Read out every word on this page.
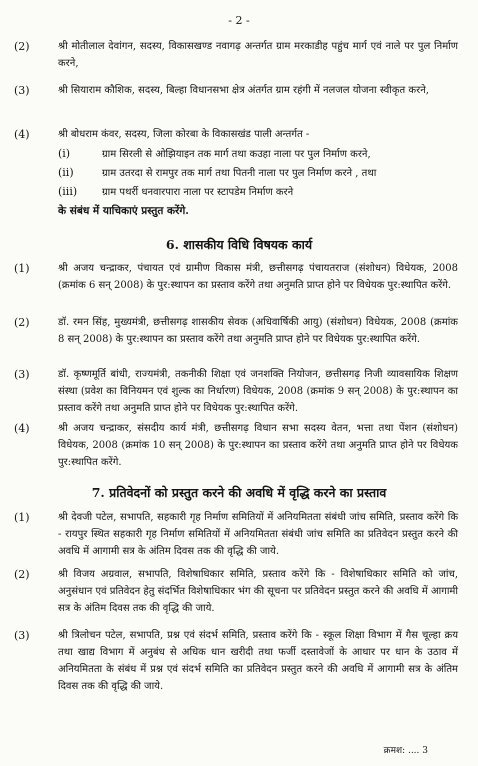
- 2 -
(2)	श्री मोतीलाल देवांगन, सदस्य, विकासखण्ड नवागढ़ अन्तर्गत ग्राम मरकाडीह पहुंच मार्ग एवं नाले पर पुल निर्माण करने,
(3)	श्री सियाराम कौशिक, सदस्य, बिल्हा विधानसभा क्षेत्र अंतर्गत ग्राम रहंगी में नलजल योजना स्वीकृत करने,
(4)	श्री बोधराम कंवर, सदस्य, जिला कोरबा के विकासखंड पाली अन्तर्गत -
(i)	ग्राम सिरली से ओझियाइन तक मार्ग तथा कउहा नाला पर पुल निर्माण करने,
(ii)	ग्राम उतरदा से रामपुर तक मार्ग तथा पितनी नाला पर पुल निर्माण करने , तथा
(iii) ग्राम पथर्री धनवारपारा नाला पर स्टापडेम निर्माण करने
के संबंध में याचिकाएं प्रस्तुत करेंगे.
6. शासकीय विधि विषयक कार्य
(1)	श्री अजय चन्द्राकर, पंचायत एवं ग्रामीण विकास मंत्री, छत्तीसगढ़ पंचायतराज (संशोधन) विधेयक, 2008 (क्रमांक 6 सन् 2008) के पुर:स्थापन का प्रस्ताव करेंगे तथा अनुमति प्राप्त होने पर विधेयक पुर:स्थापित करेंगे.
(2)	डॉ. रमन सिंह, मुख्यमंत्री, छत्तीसगढ़ शासकीय सेवक (अधिवार्षिकी आयु) (संशोधन) विधेयक, 2008 (क्रमांक 8 सन् 2008) के पुर:स्थापन का प्रस्ताव करेंगे तथा अनुमति प्राप्त होने पर विधेयक पुर:स्थापित करेंगे.
(3)	डॉ. कृष्णमूर्ति बांधी, राज्यमंत्री, तकनीकी शिक्षा एवं जनशक्ति नियोजन, छत्तीसगढ़ निजी व्यावसायिक शिक्षण संस्था (प्रवेश का विनियमन एवं शुल्क का निर्धारण) विधेयक, 2008 (क्रमांक 9 सन् 2008) के पुर:स्थापन का प्रस्ताव करेंगे तथा अनुमति प्राप्त होने पर विधेयक पुर:स्थापित करेंगे.
(4)	श्री अजय चन्द्राकर, संसदीय कार्य मंत्री, छत्तीसगढ़ विधान सभा सदस्य वेतन, भत्ता तथा पेंशन (संशोधन) विधेयक, 2008 (क्रमांक 10 सन् 2008) के पुर:स्थापन का प्रस्ताव करेंगे तथा अनुमति प्राप्त होने पर विधेयक पुर:स्थापित करेंगे.
7. प्रतिवेदनों को प्रस्तुत करने की अवधि में वृद्धि करने का प्रस्ताव
(1)	श्री देवजी पटेल, सभापति, सहकारी गृह निर्माण समितियों में अनियमितता संबंधी जांच समिति, प्रस्ताव करेंगे कि - रायपुर स्थित सहकारी गृह निर्माण समितियों में अनियमितता संबंधी जांच समिति का प्रतिवेदन प्रस्तुत करने की अवधि में आगामी सत्र के अंतिम दिवस तक की वृद्धि की जाये.
(2)	श्री विजय अग्रवाल, सभापति, विशेषाधिकार समिति, प्रस्ताव करेंगे कि - विशेषाधिकार समिति को जांच, अनुसंधान एवं प्रतिवेदन हेतु संदर्भित विशेषाधिकार भंग की सूचना पर प्रतिवेदन प्रस्तुत करने की अवधि में आगामी सत्र के अंतिम दिवस तक की वृद्धि की जाये.
(3)	श्री त्रिलोचन पटेल, सभापति, प्रश्न एवं संदर्भ समिति, प्रस्ताव करेंगे कि - स्कूल शिक्षा विभाग में गैस चूल्हा क्रय तथा खाद्य विभाग में अनुबंध से अधिक धान खरीदी तथा फर्जी दस्तावेजों के आधार पर धान के उठाव में अनियमितता के संबंध में प्रश्न एवं संदर्भ समिति का प्रतिवेदन प्रस्तुत करने की अवधि में आगामी सत्र के अंतिम दिवस तक की वृद्धि की जाये.
क्रमश: .... 3
